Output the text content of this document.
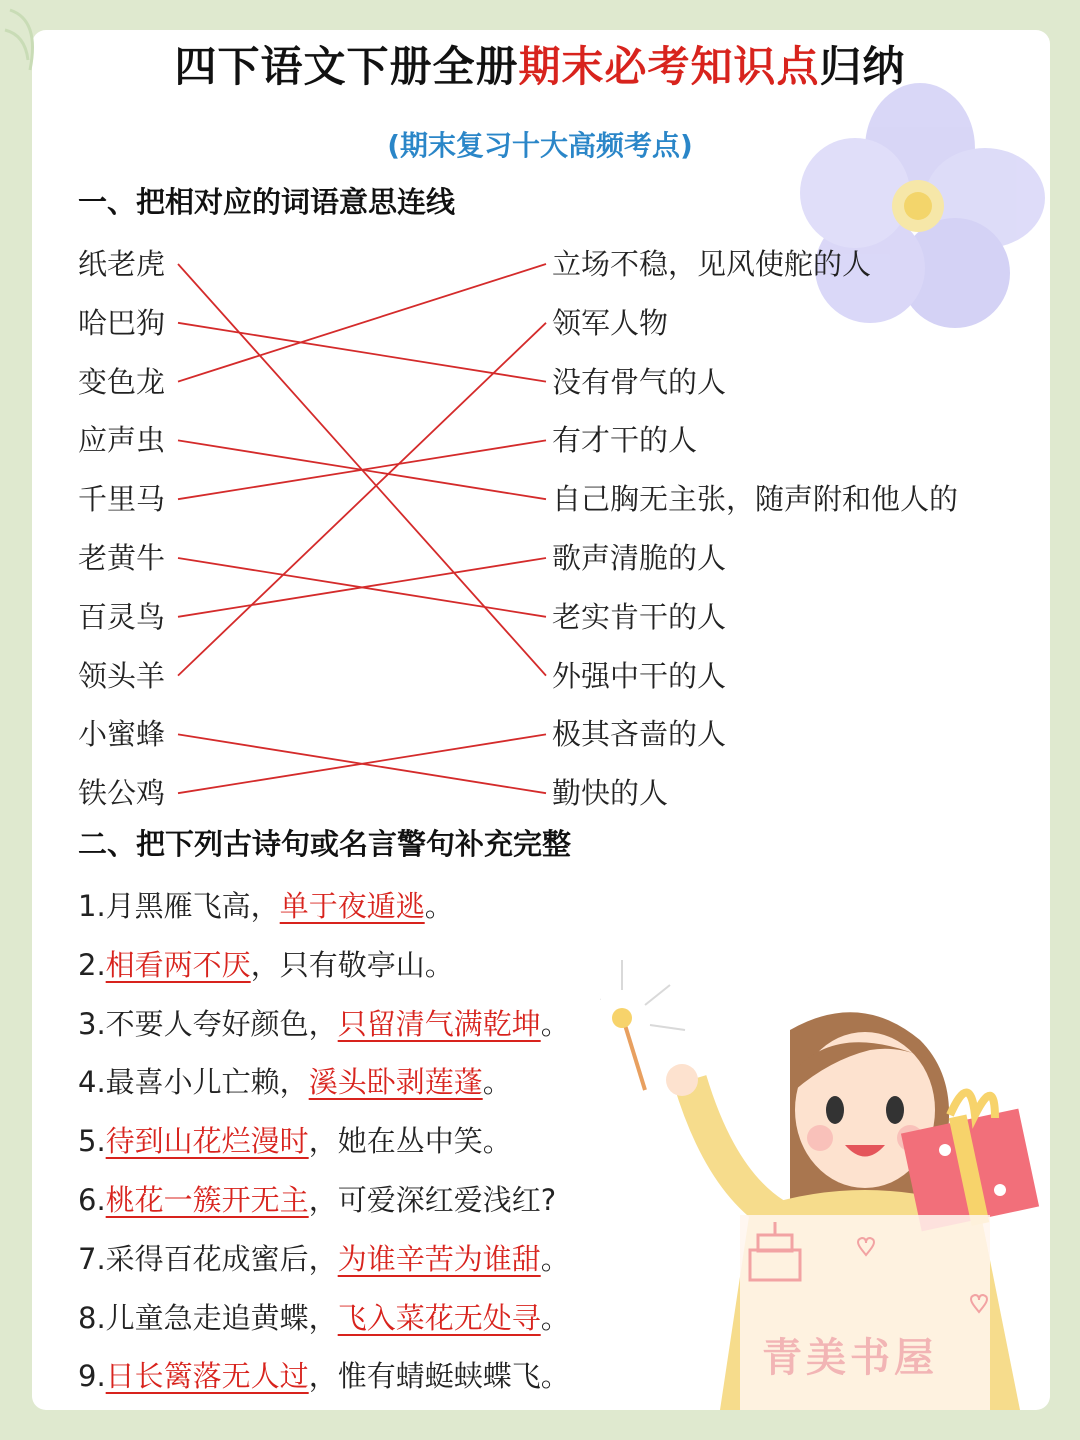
四下语文下册全册期末必考知识点归纳
(期末复习十大高频考点)
一、把相对应的词语意思连线
纸老虎
哈巴狗
变色龙
应声虫
千里马
老黄牛
百灵鸟
领头羊
小蜜蜂
铁公鸡
立场不稳，见风使舵的人
领军人物
没有骨气的人
有才干的人
自己胸无主张，随声附和他人的
歌声清脆的人
老实肯干的人
外强中干的人
极其吝啬的人
勤快的人
二、把下列古诗句或名言警句补充完整
1.月黑雁飞高，单于夜遁逃。
2.相看两不厌，只有敬亭山。
3.不要人夸好颜色，只留清气满乾坤。
4.最喜小儿亡赖，溪头卧剥莲蓬。
5.待到山花烂漫时，她在丛中笑。
6.桃花一簇开无主，可爱深红爱浅红?
7.采得百花成蜜后，为谁辛苦为谁甜。
8.儿童急走追黄蝶，飞入菜花无处寻。
9.日长篱落无人过，惟有蜻蜓蛱蝶飞。	青美书屋
